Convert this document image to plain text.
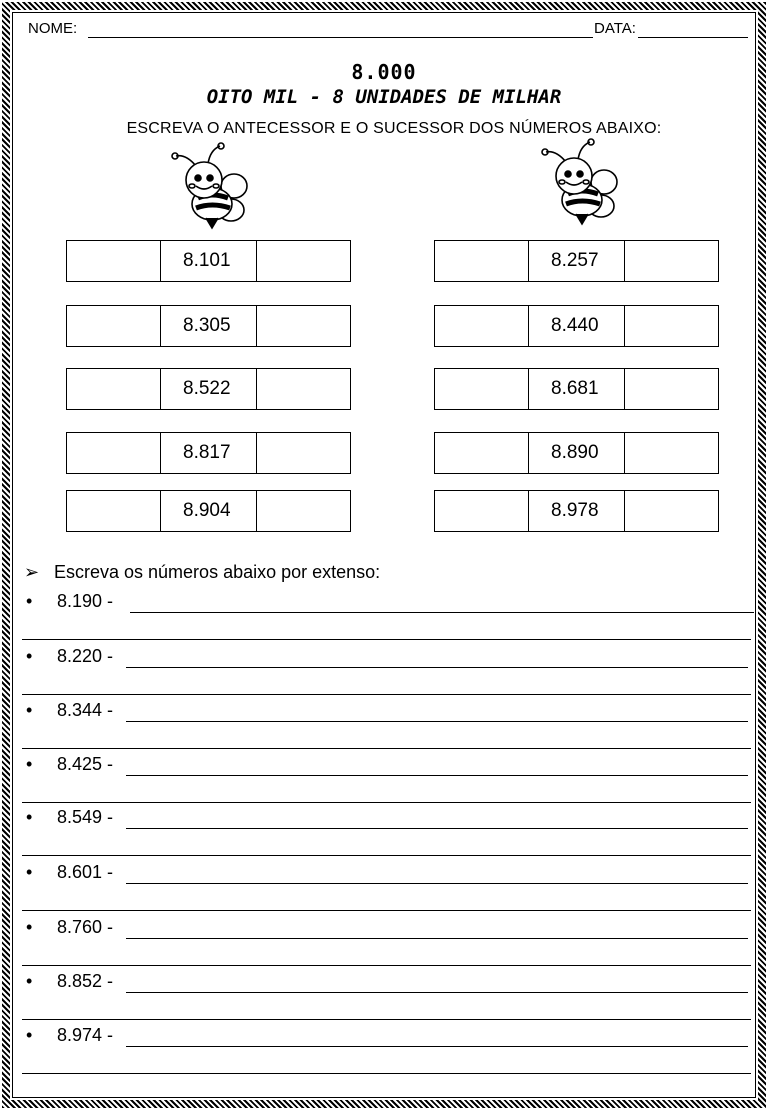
NOME:	DATA:
8.000
OITO MIL - 8 UNIDADES DE MILHAR
ESCREVA O ANTECESSOR E O SUCESSOR DOS NÚMEROS ABAIXO:
8.101
8.305
8.522
8.817
8.904
8.257
8.440
8.681
8.890
8.978
➢ Escreva os números abaixo por extenso:
• 8.190 -
• 8.220 -
• 8.344 -
• 8.425 -
• 8.549 -
• 8.601 -
• 8.760 -
• 8.852 -
• 8.974 -
